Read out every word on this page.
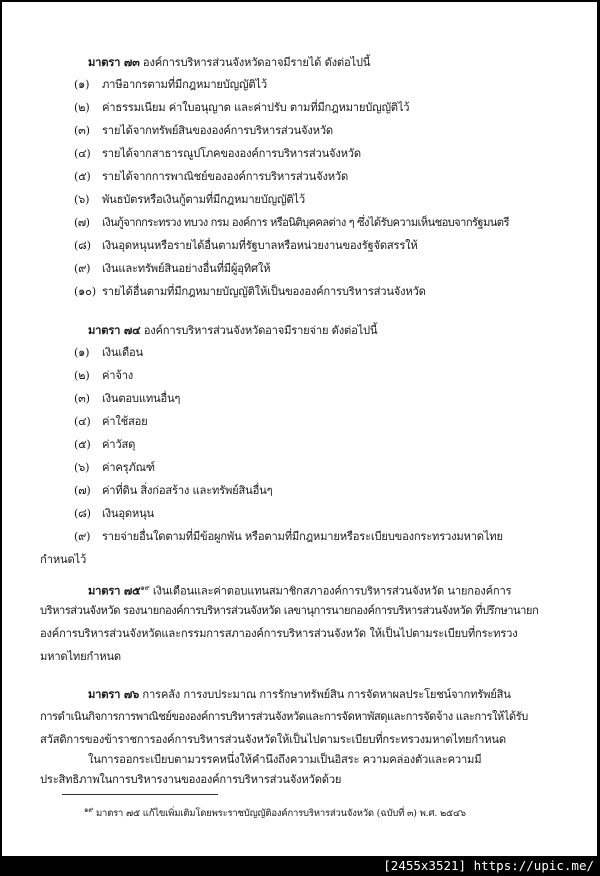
มาตรา ๗๓ องค์การบริหารส่วนจังหวัดอาจมีรายได้ ดังต่อไปนี้
(๑) ภาษีอากรตามที่มีกฎหมายบัญญัติไว้
(๒) ค่าธรรมเนียม ค่าใบอนุญาต และค่าปรับ ตามที่มีกฎหมายบัญญัติไว้
(๓) รายได้จากทรัพย์สินขององค์การบริหารส่วนจังหวัด
(๔) รายได้จากสาธารณูปโภคขององค์การบริหารส่วนจังหวัด
(๕) รายได้จากการพาณิชย์ขององค์การบริหารส่วนจังหวัด
(๖) พันธบัตรหรือเงินกู้ตามที่มีกฎหมายบัญญัติไว้
(๗) เงินกู้จากกระทรวง ทบวง กรม องค์การ หรือนิติบุคคลต่าง ๆ ซึ่งได้รับความเห็นชอบจากรัฐมนตรี
(๘) เงินอุดหนุนหรือรายได้อื่นตามที่รัฐบาลหรือหน่วยงานของรัฐจัดสรรให้
(๙) เงินและทรัพย์สินอย่างอื่นที่มีผู้อุทิศให้
(๑๐) รายได้อื่นตามที่มีกฎหมายบัญญัติให้เป็นขององค์การบริหารส่วนจังหวัด
มาตรา ๗๔ องค์การบริหารส่วนจังหวัดอาจมีรายจ่าย ดังต่อไปนี้
(๑) เงินเดือน
(๒) ค่าจ้าง
(๓) เงินตอบแทนอื่นๆ
(๔) ค่าใช้สอย
(๕) ค่าวัสดุ
(๖) ค่าครุภัณฑ์
(๗) ค่าที่ดิน สิ่งก่อสร้าง และทรัพย์สินอื่นๆ
(๘) เงินอุดหนุน
(๙) รายจ่ายอื่นใดตามที่มีข้อผูกพัน หรือตามที่มีกฎหมายหรือระเบียบของกระทรวงมหาดไทย
กำหนดไว้
มาตรา ๗๕$^{๑๙}$ เงินเดือนและค่าตอบแทนสมาชิกสภาองค์การบริหารส่วนจังหวัด นายกองค์การ
บริหารส่วนจังหวัด รองนายกองค์การบริหารส่วนจังหวัด เลขานุการนายกองค์การบริหารส่วนจังหวัด ที่ปรึกษานายก
องค์การบริหารส่วนจังหวัดและกรรมการสภาองค์การบริหารส่วนจังหวัด ให้เป็นไปตามระเบียบที่กระทรวง
มหาดไทยกำหนด
มาตรา ๗๖ การคลัง การงบประมาณ การรักษาทรัพย์สิน การจัดหาผลประโยชน์จากทรัพย์สิน
การดำเนินกิจการการพาณิชย์ขององค์การบริหารส่วนจังหวัดและการจัดหาพัสดุและการจัดจ้าง และการให้ได้รับ
สวัสดิการของข้าราชการองค์การบริหารส่วนจังหวัดให้เป็นไปตามระเบียบที่กระทรวงมหาดไทยกำหนด
ในการออกระเบียบตามวรรคหนึ่งให้คำนึงถึงความเป็นอิสระ ความคล่องตัวและความมี
ประสิทธิภาพในการบริหารงานขององค์การบริหารส่วนจังหวัดด้วย
$^{๑๙}$ มาตรา ๗๕ แก้ไขเพิ่มเติมโดยพระราชบัญญัติองค์การบริหารส่วนจังหวัด (ฉบับที่ ๓) พ.ศ. ๒๕๔๖
[2455x3521] https://upic.me/
